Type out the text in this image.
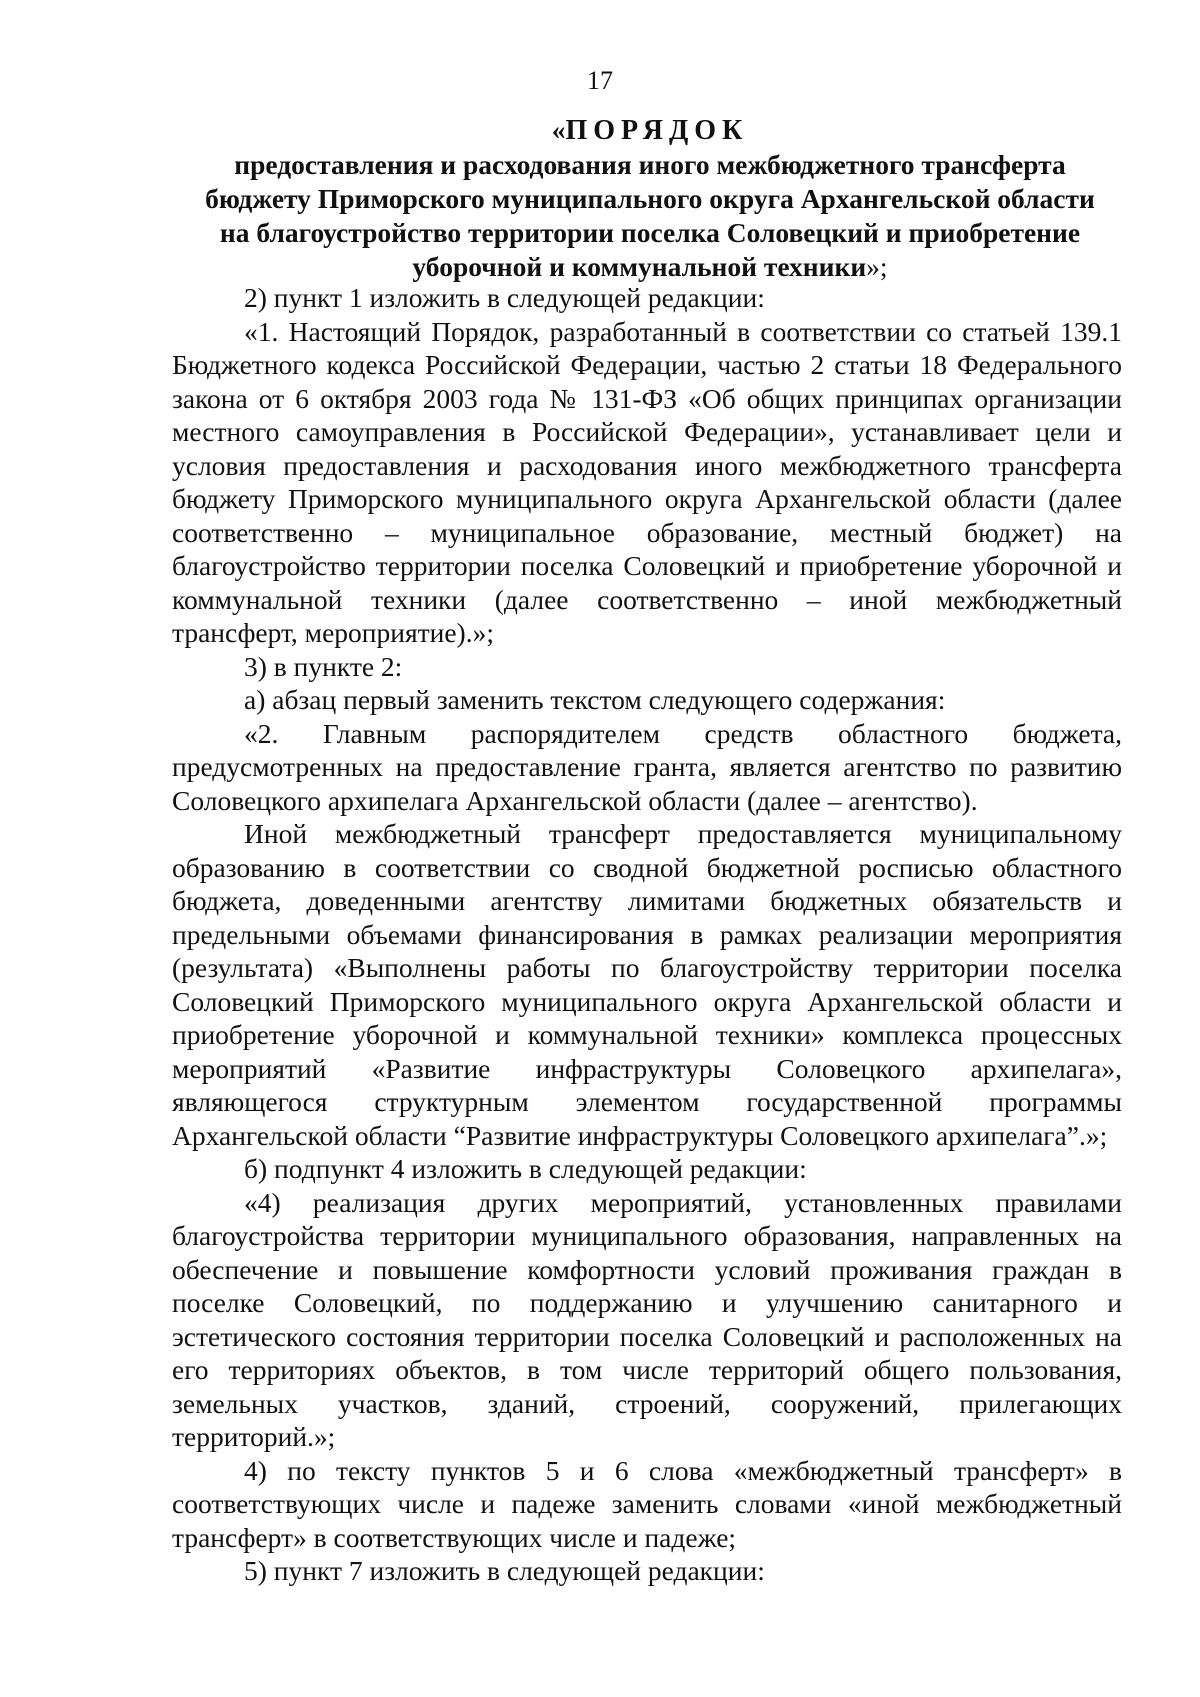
17
«ПОРЯДОК
предоставления и расходования иного межбюджетного трансферта
бюджету Приморского муниципального округа Архангельской области
на благоустройство территории поселка Соловецкий и приобретение
уборочной и коммунальной техники»;

2) пункт 1 изложить в следующей редакции:

«1. Настоящий Порядок, разработанный в соответствии со статьей 139.1 Бюджетного кодекса Российской Федерации, частью 2 статьи 18 Федерального закона от 6 октября 2003 года № 131-ФЗ «Об общих принципах организации местного самоуправления в Российской Федерации», устанавливает цели и условия предоставления и расходования иного межбюджетного трансферта бюджету Приморского муниципального округа Архангельской области (далее соответственно – муниципальное образование, местный бюджет) на благоустройство территории поселка Соловецкий и приобретение уборочной и коммунальной техники (далее соответственно – иной межбюджетный трансферт, мероприятие).»;

3) в пункте 2:

а) абзац первый заменить текстом следующего содержания:

«2. Главным распорядителем средств областного бюджета, предусмотренных на предоставление гранта, является агентство по развитию Соловецкого архипелага Архангельской области (далее – агентство).

Иной межбюджетный трансферт предоставляется муниципальному образованию в соответствии со сводной бюджетной росписью областного бюджета, доведенными агентству лимитами бюджетных обязательств и предельными объемами финансирования в рамках реализации мероприятия (результата) «Выполнены работы по благоустройству территории поселка Соловецкий Приморского муниципального округа Архангельской области и приобретение уборочной и коммунальной техники» комплекса процессных мероприятий «Развитие инфраструктуры Соловецкого архипелага», являющегося структурным элементом государственной программы Архангельской области “Развитие инфраструктуры Соловецкого архипелага”.»;

б) подпункт 4 изложить в следующей редакции:

«4) реализация других мероприятий, установленных правилами благоустройства территории муниципального образования, направленных на обеспечение и повышение комфортности условий проживания граждан в поселке Соловецкий, по поддержанию и улучшению санитарного и эстетического состояния территории поселка Соловецкий и расположенных на его территориях объектов, в том числе территорий общего пользования, земельных участков, зданий, строений, сооружений, прилегающих территорий.»;

4) по тексту пунктов 5 и 6 слова «межбюджетный трансферт» в соответствующих числе и падеже заменить словами «иной межбюджетный трансферт» в соответствующих числе и падеже;

5) пункт 7 изложить в следующей редакции:
